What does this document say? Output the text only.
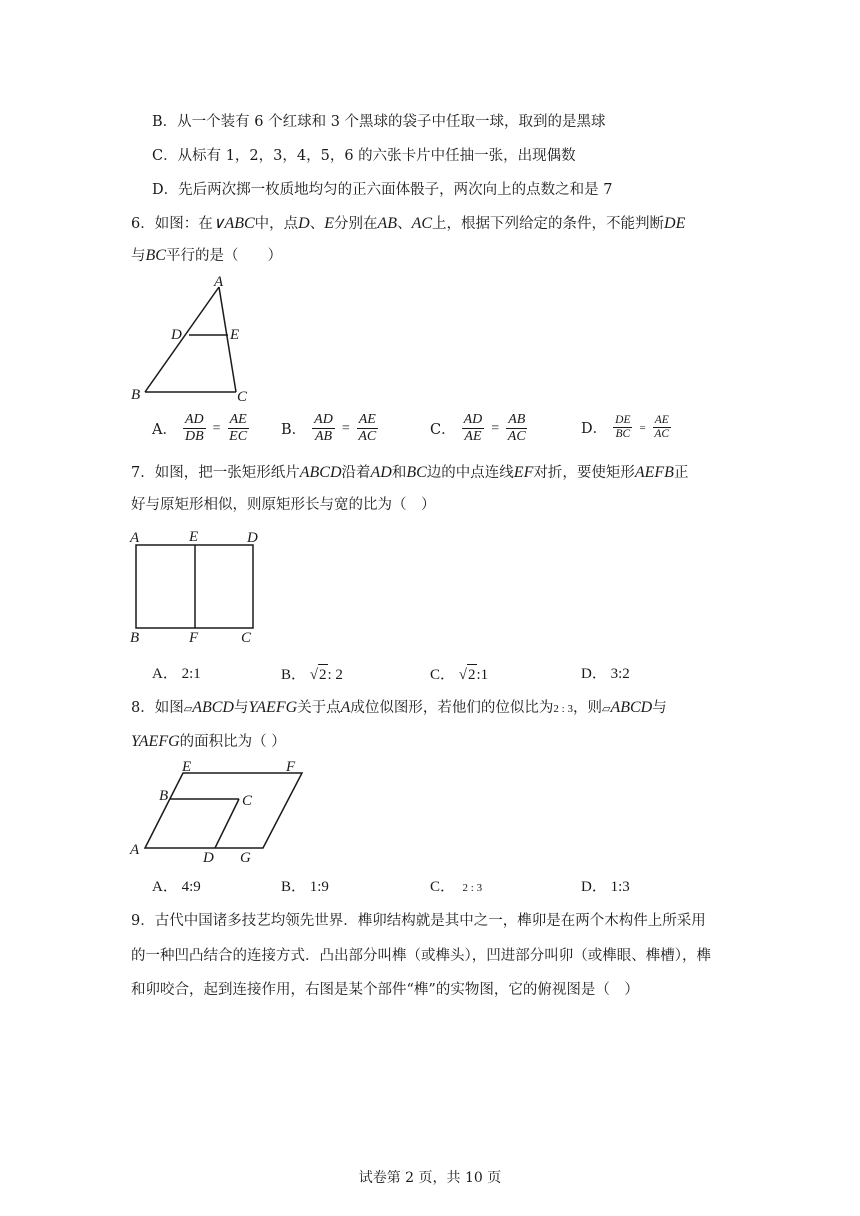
B．从一个装有 6 个红球和 3 个黑球的袋子中任取一球，取到的是黑球
C．从标有 1，2，3，4，5，6 的六张卡片中任抽一张，出现偶数
D．先后两次掷一枚质地均匀的正六面体骰子，两次向上的点数之和是 7
6．如图：在∨ABC中，点D、E分别在AB、AC上，根据下列给定的条件，不能判断DE
与BC平行的是（　　）
A
D	E
B	C
A． $\frac{AD}{DB} = \frac{AE}{EC}$ B． $\frac{AD}{AB} = \frac{AE}{AC}$	C． $\frac{AD}{AE} = \frac{AB}{AC}$	D． $\frac{DE}{BC} = \frac{AE}{AC}$
7．如图，把一张矩形纸片ABCD沿着AD和BC边的中点连线EF对折，要使矩形AEFB正
好与原矩形相似，则原矩形长与宽的比为（　）
A	E	D
B	F	C
A． 2:1	B． √2: 2	C． √2:1	D． 3:2
8．如图▱ABCD与YAEFG关于点A成位似图形，若他们的位似比为2 : 3，则▱ABCD与
YAEFG的面积比为（ ）
E	F
B	C
A	D G
A． 4:9	B． 1:9	C． 2 : 3	D． 1:3
9．古代中国诸多技艺均领先世界．榫卯结构就是其中之一，榫卯是在两个木构件上所采用
的一种凹凸结合的连接方式．凸出部分叫榫（或榫头），凹进部分叫卯（或榫眼、榫槽），榫
和卯咬合，起到连接作用，右图是某个部件“榫”的实物图，它的俯视图是（　）
试卷第 2 页，共 10 页
